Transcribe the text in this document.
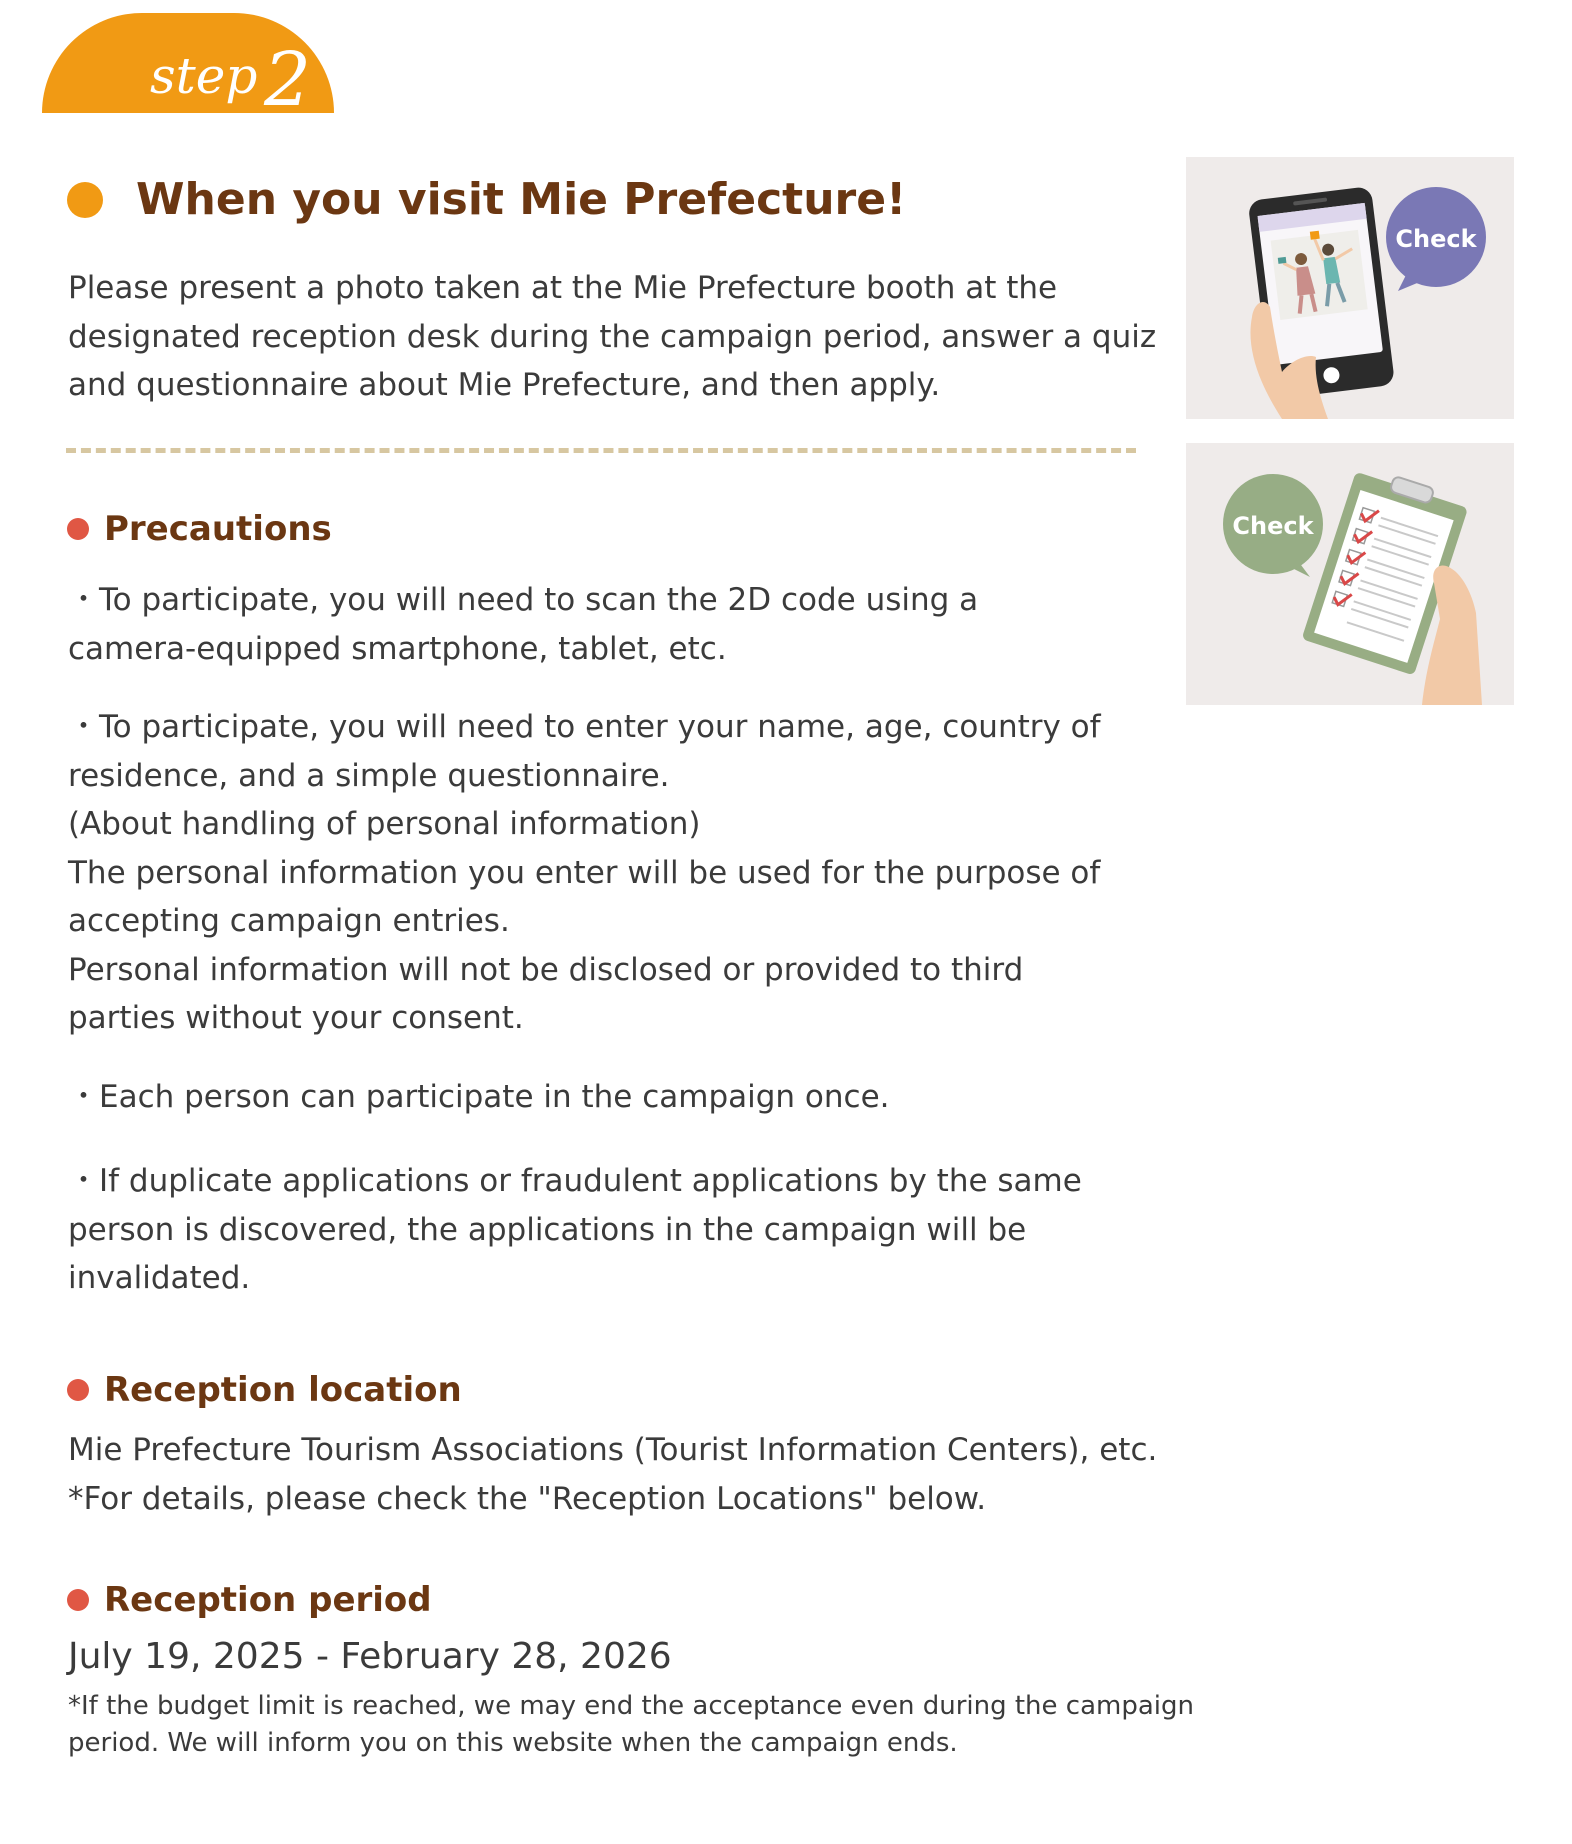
step 2
When you visit Mie Prefecture!
Please present a photo taken at the Mie Prefecture booth at the
designated reception desk during the campaign period, answer a quiz
and questionnaire about Mie Prefecture, and then apply.
Precautions
・To participate, you will need to scan the 2D code using a
camera-equipped smartphone, tablet, etc.
・To participate, you will need to enter your name, age, country of
residence, and a simple questionnaire.
(About handling of personal information)
The personal information you enter will be used for the purpose of
accepting campaign entries.
Personal information will not be disclosed or provided to third
parties without your consent.
・Each person can participate in the campaign once.
・If duplicate applications or fraudulent applications by the same
person is discovered, the applications in the campaign will be
invalidated.
Reception location
Mie Prefecture Tourism Associations (Tourist Information Centers), etc.
*For details, please check the "Reception Locations" below.
Reception period
July 19, 2025 - February 28, 2026
*If the budget limit is reached, we may end the acceptance even during the campaign
period. We will inform you on this website when the campaign ends.
Check
Check
